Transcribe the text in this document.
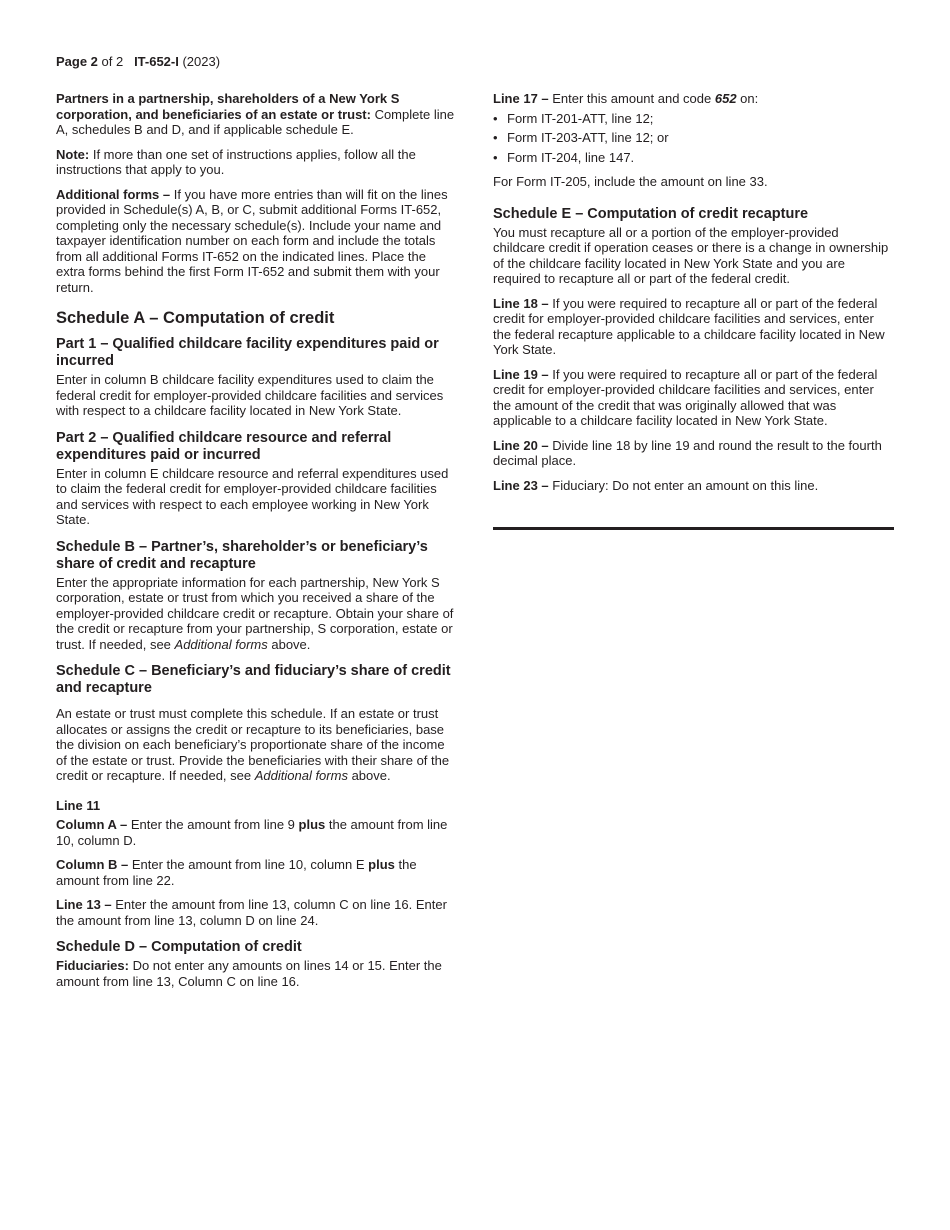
Page 2 of 2 IT-652-I (2023)

Partners in a partnership, shareholders of a New York S corporation, and beneficiaries of an estate or trust: Complete line A, schedules B and D, and if applicable schedule E.

Note: If more than one set of instructions applies, follow all the instructions that apply to you.

Additional forms – If you have more entries than will fit on the lines provided in Schedule(s) A, B, or C, submit additional Forms IT-652, completing only the necessary schedule(s). Include your name and taxpayer identification number on each form and include the totals from all additional Forms IT-652 on the indicated lines. Place the extra forms behind the first Form IT-652 and submit them with your return.

Schedule A – Computation of credit
Part 1 – Qualified childcare facility expenditures paid or incurred

Enter in column B childcare facility expenditures used to claim the federal credit for employer-provided childcare facilities and services with respect to a childcare facility located in New York State.

Part 2 – Qualified childcare resource and referral expenditures paid or incurred

Enter in column E childcare resource and referral expenditures used to claim the federal credit for employer-provided childcare facilities and services with respect to each employee working in New York State.

Schedule B – Partner’s, shareholder’s or beneficiary’s share of credit and recapture

Enter the appropriate information for each partnership, New York S corporation, estate or trust from which you received a share of the employer-provided childcare credit or recapture. Obtain your share of the credit or recapture from your partnership, S corporation, estate or trust. If needed, see Additional forms above.

Schedule C – Beneficiary’s and fiduciary’s share of credit and recapture

An estate or trust must complete this schedule. If an estate or trust allocates or assigns the credit or recapture to its beneficiaries, base the division on each beneficiary’s proportionate share of the income of the estate or trust. Provide the beneficiaries with their share of the credit or recapture. If needed, see Additional forms above.

Line 11

Column A – Enter the amount from line 9 plus the amount from line 10, column D.

Column B – Enter the amount from line 10, column E plus the amount from line 22.

Line 13 – Enter the amount from line 13, column C on line 16. Enter the amount from line 13, column D on line 24.

Schedule D – Computation of credit

Fiduciaries: Do not enter any amounts on lines 14 or 15. Enter the amount from line 13, Column C on line 16.

Line 17 – Enter this amount and code 652 on:

• Form IT-201-ATT, line 12;
• Form IT-203-ATT, line 12; or
• Form IT-204, line 147.

For Form IT-205, include the amount on line 33.

Schedule E – Computation of credit recapture

You must recapture all or a portion of the employer-provided childcare credit if operation ceases or there is a change in ownership of the childcare facility located in New York State and you are required to recapture all or part of the federal credit.

Line 18 – If you were required to recapture all or part of the federal credit for employer-provided childcare facilities and services, enter the federal recapture applicable to a childcare facility located in New York State.

Line 19 – If you were required to recapture all or part of the federal credit for employer-provided childcare facilities and services, enter the amount of the credit that was originally allowed that was applicable to a childcare facility located in New York State.

Line 20 – Divide line 18 by line 19 and round the result to the fourth decimal place.

Line 23 – Fiduciary: Do not enter an amount on this line.
